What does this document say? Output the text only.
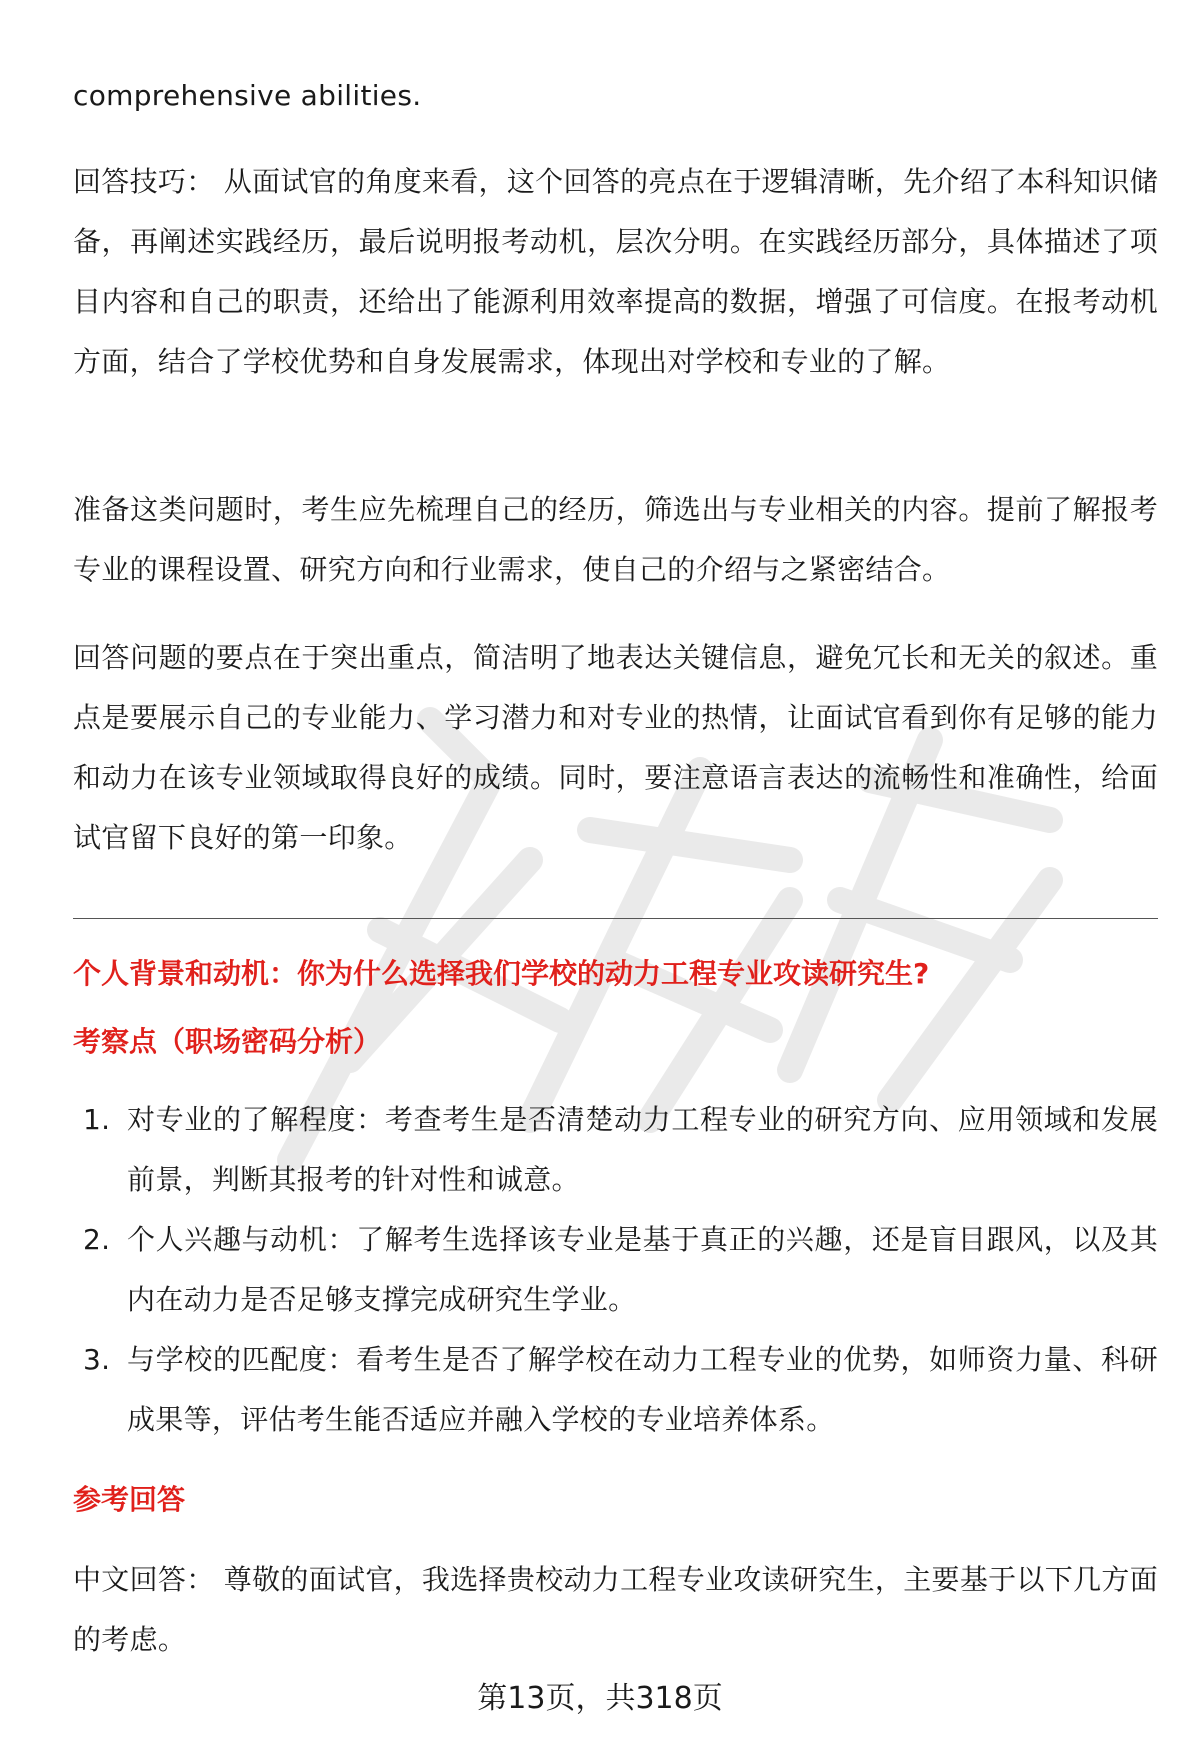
comprehensive abilities.

回答技巧： 从面试官的角度来看，这个回答的亮点在于逻辑清晰，先介绍了本科知识储备，再阐述实践经历，最后说明报考动机，层次分明。在实践经历部分，具体描述了项目内容和自己的职责，还给出了能源利用效率提高的数据，增强了可信度。在报考动机方面，结合了学校优势和自身发展需求，体现出对学校和专业的了解。

准备这类问题时，考生应先梳理自己的经历，筛选出与专业相关的内容。提前了解报考专业的课程设置、研究方向和行业需求，使自己的介绍与之紧密结合。

回答问题的要点在于突出重点，简洁明了地表达关键信息，避免冗长和无关的叙述。重点是要展示自己的专业能力、学习潜力和对专业的热情，让面试官看到你有足够的能力和动力在该专业领域取得良好的成绩。同时，要注意语言表达的流畅性和准确性，给面试官留下良好的第一印象。

个人背景和动机：你为什么选择我们学校的动力工程专业攻读研究生?

考察点（职场密码分析）

1. 对专业的了解程度：考查考生是否清楚动力工程专业的研究方向、应用领域和发展前景，判断其报考的针对性和诚意。
2. 个人兴趣与动机：了解考生选择该专业是基于真正的兴趣，还是盲目跟风，以及其内在动力是否足够支撑完成研究生学业。
3. 与学校的匹配度：看考生是否了解学校在动力工程专业的优势，如师资力量、科研成果等，评估考生能否适应并融入学校的专业培养体系。

参考回答

中文回答： 尊敬的面试官，我选择贵校动力工程专业攻读研究生，主要基于以下几方面的考虑。

第13页，共318页
